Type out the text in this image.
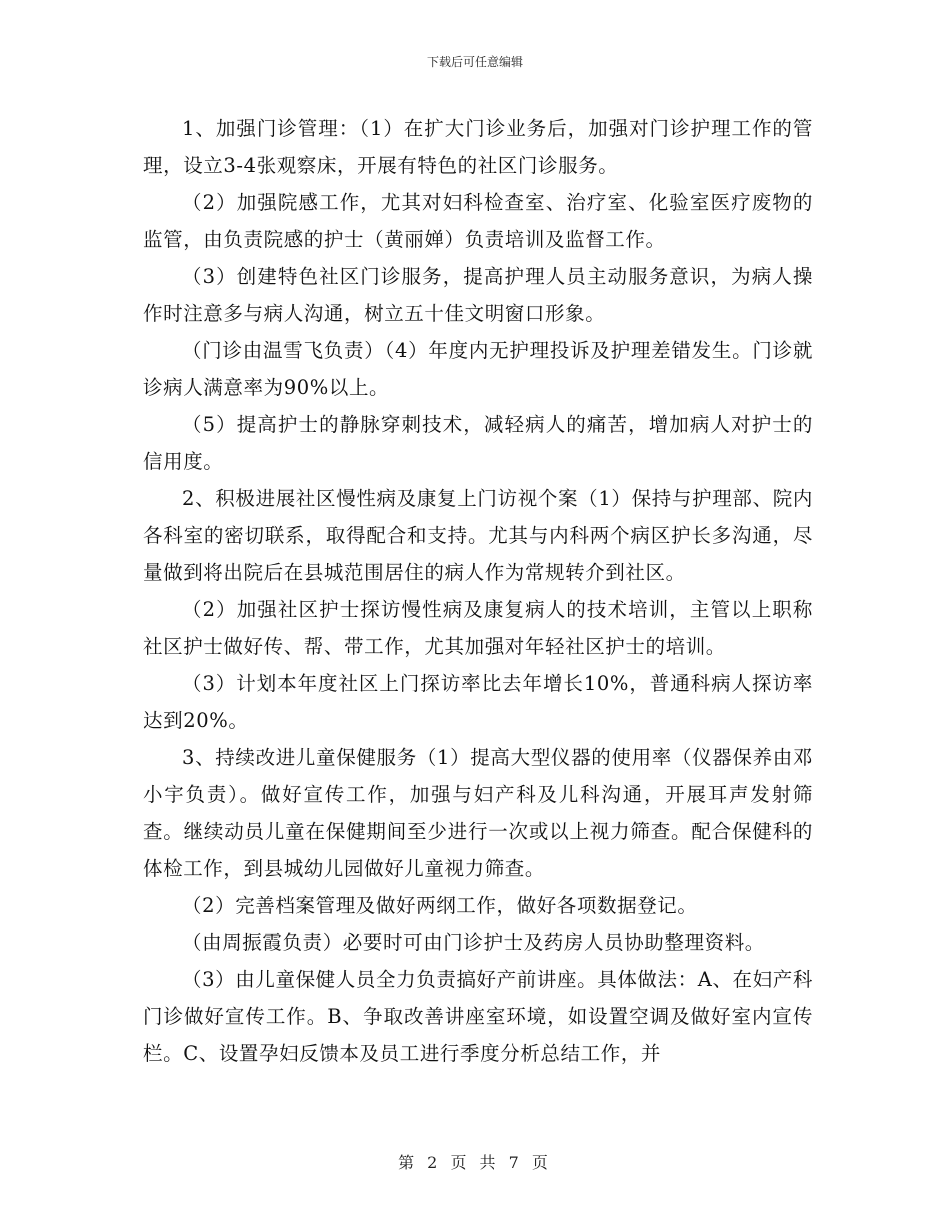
下载后可任意编辑

1、加强门诊管理：（1）在扩大门诊业务后，加强对门诊护理工作的管理，设立3-4张观察床，开展有特色的社区门诊服务。

（2）加强院感工作，尤其对妇科检查室、治疗室、化验室医疗废物的监管，由负责院感的护士（黄丽婵）负责培训及监督工作。

（3）创建特色社区门诊服务，提高护理人员主动服务意识，为病人操作时注意多与病人沟通，树立五十佳文明窗口形象。

（门诊由温雪飞负责）（4）年度内无护理投诉及护理差错发生。门诊就诊病人满意率为90%以上。

（5）提高护士的静脉穿刺技术，减轻病人的痛苦，增加病人对护士的信用度。

2、积极进展社区慢性病及康复上门访视个案（1）保持与护理部、院内各科室的密切联系，取得配合和支持。尤其与内科两个病区护长多沟通，尽量做到将出院后在县城范围居住的病人作为常规转介到社区。

（2）加强社区护士探访慢性病及康复病人的技术培训，主管以上职称社区护士做好传、帮、带工作，尤其加强对年轻社区护士的培训。

（3）计划本年度社区上门探访率比去年增长10%，普通科病人探访率达到20%。

3、持续改进儿童保健服务（1）提高大型仪器的使用率（仪器保养由邓小宇负责）。做好宣传工作，加强与妇产科及儿科沟通，开展耳声发射筛查。继续动员儿童在保健期间至少进行一次或以上视力筛查。配合保健科的体检工作，到县城幼儿园做好儿童视力筛查。

（2）完善档案管理及做好两纲工作，做好各项数据登记。

（由周振霞负责）必要时可由门诊护士及药房人员协助整理资料。

（3）由儿童保健人员全力负责搞好产前讲座。具体做法：A、在妇产科门诊做好宣传工作。B、争取改善讲座室环境，如设置空调及做好室内宣传栏。C、设置孕妇反馈本及员工进行季度分析总结工作，并

第 2 页 共 7 页
